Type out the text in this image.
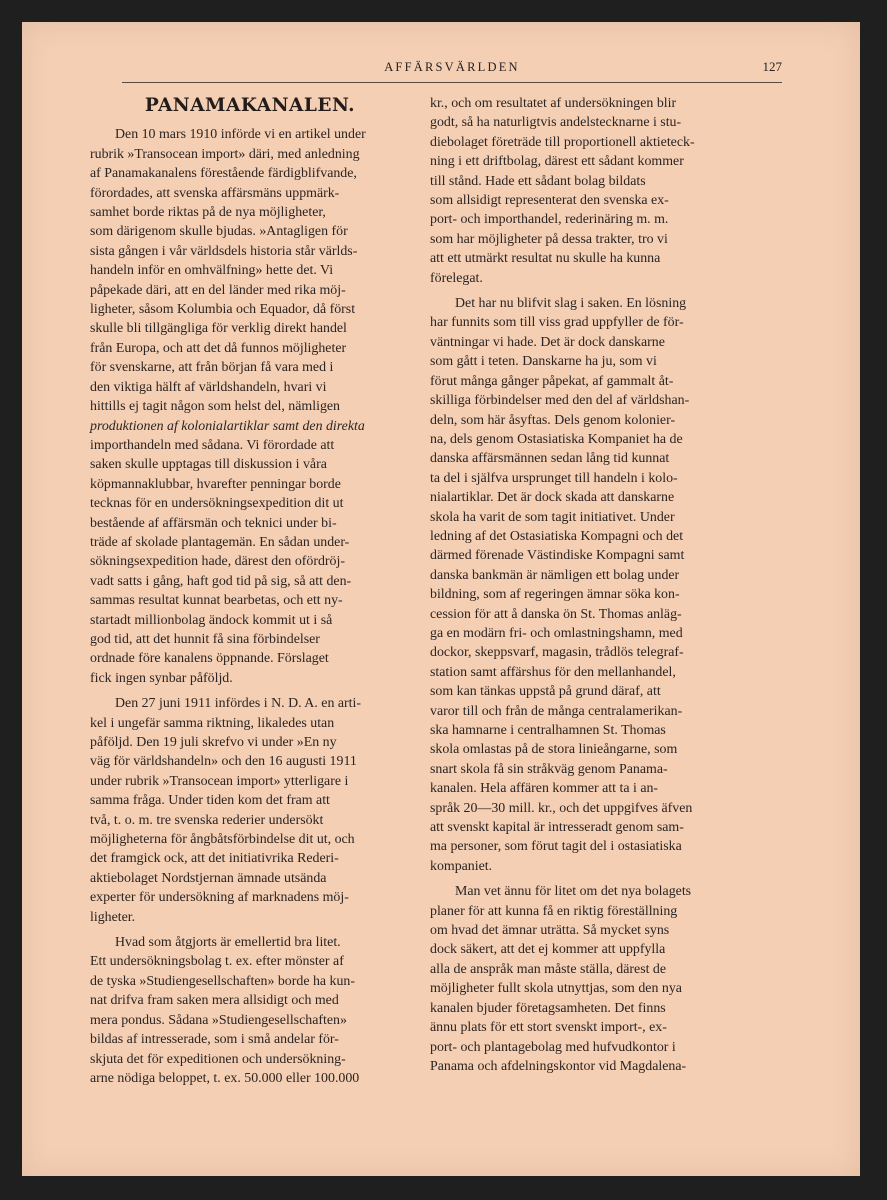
AFFÄRSVÄRLDEN	127
PANAMAKANALEN.
Den 10 mars 1910 införde vi en artikel under
rubrik »Transocean import» däri, med anledning
af Panamakanalens förestående färdigblifvande,
förordades, att svenska affärsmäns uppmärk-
samhet borde riktas på de nya möjligheter,
som därigenom skulle bjudas. »Antagligen för
sista gången i vår världsdels historia står världs-
handeln inför en omhvälfning» hette det. Vi
påpekade däri, att en del länder med rika möj-
ligheter, såsom Kolumbia och Equador, då först
skulle bli tillgängliga för verklig direkt handel
från Europa, och att det då funnos möjligheter
för svenskarne, att från början få vara med i
den viktiga hälft af världshandeln, hvari vi
hittills ej tagit någon som helst del, nämligen
produktionen af kolonialartiklar samt den direkta
importhandeln med sådana. Vi förordade att
saken skulle upptagas till diskussion i våra
köpmannaklubbar, hvarefter penningar borde
tecknas för en undersökningsexpedition dit ut
bestående af affärsmän och teknici under bi-
träde af skolade plantagemän. En sådan under-
sökningsexpedition hade, därest den ofördröj-
vadt satts i gång, haft god tid på sig, så att den-
sammas resultat kunnat bearbetas, och ett ny-
startadt millionbolag ändock kommit ut i så
god tid, att det hunnit få sina förbindelser
ordnade före kanalens öppnande. Förslaget
fick ingen synbar påföljd.
Den 27 juni 1911 infördes i N. D. A. en arti-
kel i ungefär samma riktning, likaledes utan
påföljd. Den 19 juli skrefvo vi under »En ny
väg för världshandeln» och den 16 augusti 1911
under rubrik »Transocean import» ytterligare i
samma fråga. Under tiden kom det fram att
två, t. o. m. tre svenska rederier undersökt
möjligheterna för ångbåtsförbindelse dit ut, och
det framgick ock, att det initiativrika Rederi-
aktiebolaget Nordstjernan ämnade utsända
experter för undersökning af marknadens möj-
ligheter.
Hvad som åtgjorts är emellertid bra litet.
Ett undersökningsbolag t. ex. efter mönster af
de tyska »Studiengesellschaften» borde ha kun-
nat drifva fram saken mera allsidigt och med
mera pondus. Sådana »Studiengesellschaften»
bildas af intresserade, som i små andelar för-
skjuta det för expeditionen och undersökning-
arne nödiga beloppet, t. ex. 50.000 eller 100.000
kr., och om resultatet af undersökningen blir
godt, så ha naturligtvis andelstecknarne i stu-
diebolaget företräde till proportionell aktieteck-
ning i ett driftbolag, därest ett sådant kommer
till stånd. Hade ett sådant bolag bildats
som allsidigt representerat den svenska ex-
port- och importhandel, rederinäring m. m.
som har möjligheter på dessa trakter, tro vi
att ett utmärkt resultat nu skulle ha kunna
förelegat.
Det har nu blifvit slag i saken. En lösning
har funnits som till viss grad uppfyller de för-
väntningar vi hade. Det är dock danskarne
som gått i teten. Danskarne ha ju, som vi
förut många gånger påpekat, af gammalt åt-
skilliga förbindelser med den del af världshan-
deln, som här åsyftas. Dels genom kolonier-
na, dels genom Ostasiatiska Kompaniet ha de
danska affärsmännen sedan lång tid kunnat
ta del i själfva ursprunget till handeln i kolo-
nialartiklar. Det är dock skada att danskarne
skola ha varit de som tagit initiativet. Under
ledning af det Ostasiatiska Kompagni och det
därmed förenade Västindiske Kompagni samt
danska bankmän är nämligen ett bolag under
bildning, som af regeringen ämnar söka kon-
cession för att å danska ön St. Thomas anläg-
ga en modärn fri- och omlastningshamn, med
dockor, skeppsvarf, magasin, trådlös telegraf-
station samt affärshus för den mellanhandel,
som kan tänkas uppstå på grund däraf, att
varor till och från de många centralamerikan-
ska hamnarne i centralhamnen St. Thomas
skola omlastas på de stora linieångarne, som
snart skola få sin stråkväg genom Panama-
kanalen. Hela affären kommer att ta i an-
språk 20—30 mill. kr., och det uppgifves äfven
att svenskt kapital är intresseradt genom sam-
ma personer, som förut tagit del i ostasiatiska
kompaniet.
Man vet ännu för litet om det nya bolagets
planer för att kunna få en riktig föreställning
om hvad det ämnar uträtta. Så mycket syns
dock säkert, att det ej kommer att uppfylla
alla de anspråk man måste ställa, därest de
möjligheter fullt skola utnyttjas, som den nya
kanalen bjuder företagsamheten. Det finns
ännu plats för ett stort svenskt import-, ex-
port- och plantagebolag med hufvudkontor i
Panama och afdelningskontor vid Magdalena-
